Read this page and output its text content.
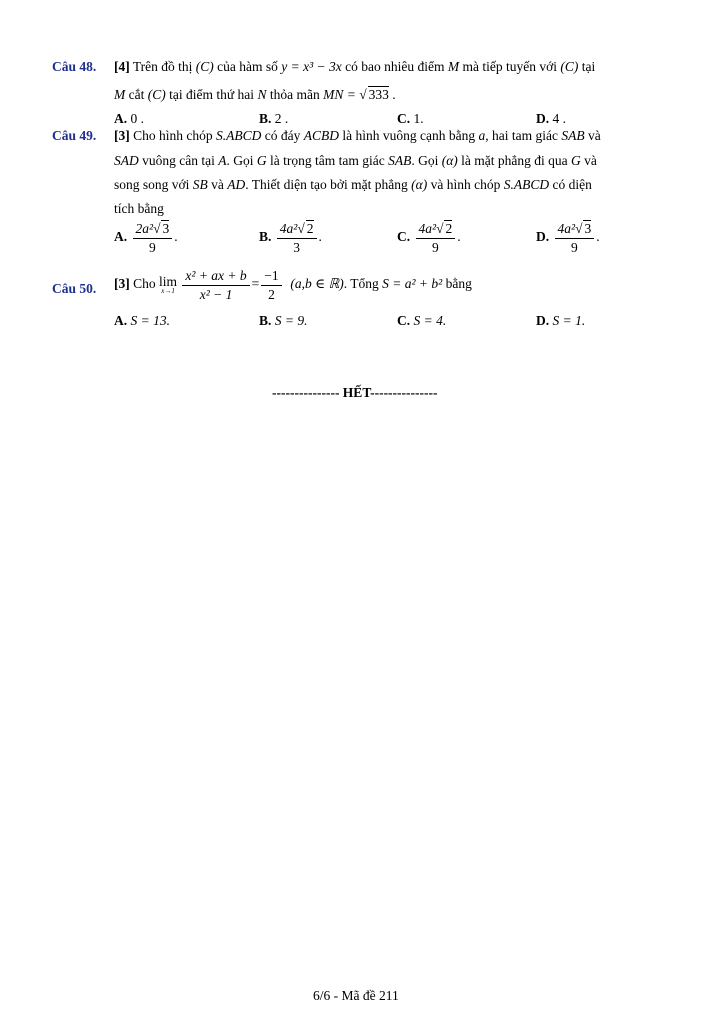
Câu 48. [4] Trên đồ thị (C) của hàm số y = x³ − 3x có bao nhiêu điểm M mà tiếp tuyến với (C) tại
M cắt (C) tại điểm thứ hai N thỏa mãn MN = √ 333 .
A. 0 .	B. 2 .	C. 1.	D. 4 .
Câu 49. [3] Cho hình chóp S.ABCD có đáy ACBD là hình vuông cạnh bằng a, hai tam giác SAB và
SAD vuông cân tại A. Gọi G là trọng tâm tam giác SAB. Gọi (α) là mặt phẳng đi qua G và
song song với SB và AD. Thiết diện tạo bởi mặt phẳng (α) và hình chóp S.ABCD có diện
tích bằng
A. $\frac{\text{2a²√ 3}}{9}$ .	B. $\frac{\text{4a²√ 2}}{3}$ .	C. $\frac{\text{4a²√ 2}}{9}$ .	D. $\frac{\text{4a²√ 3}}{9}$ .
Câu 50. [3] Cho lim
x→1
$\frac{\text{x² + ax + b}}{\text{x² − 1}} = \frac{-1}{2} (a,b$ ∈ ℝ). Tổng S = a² + b² bằng
A. S = 13.	B. S = 9.	C. S = 4.	D. S = 1.
--------------- HẾT---------------
6/6 - Mã đề 211
